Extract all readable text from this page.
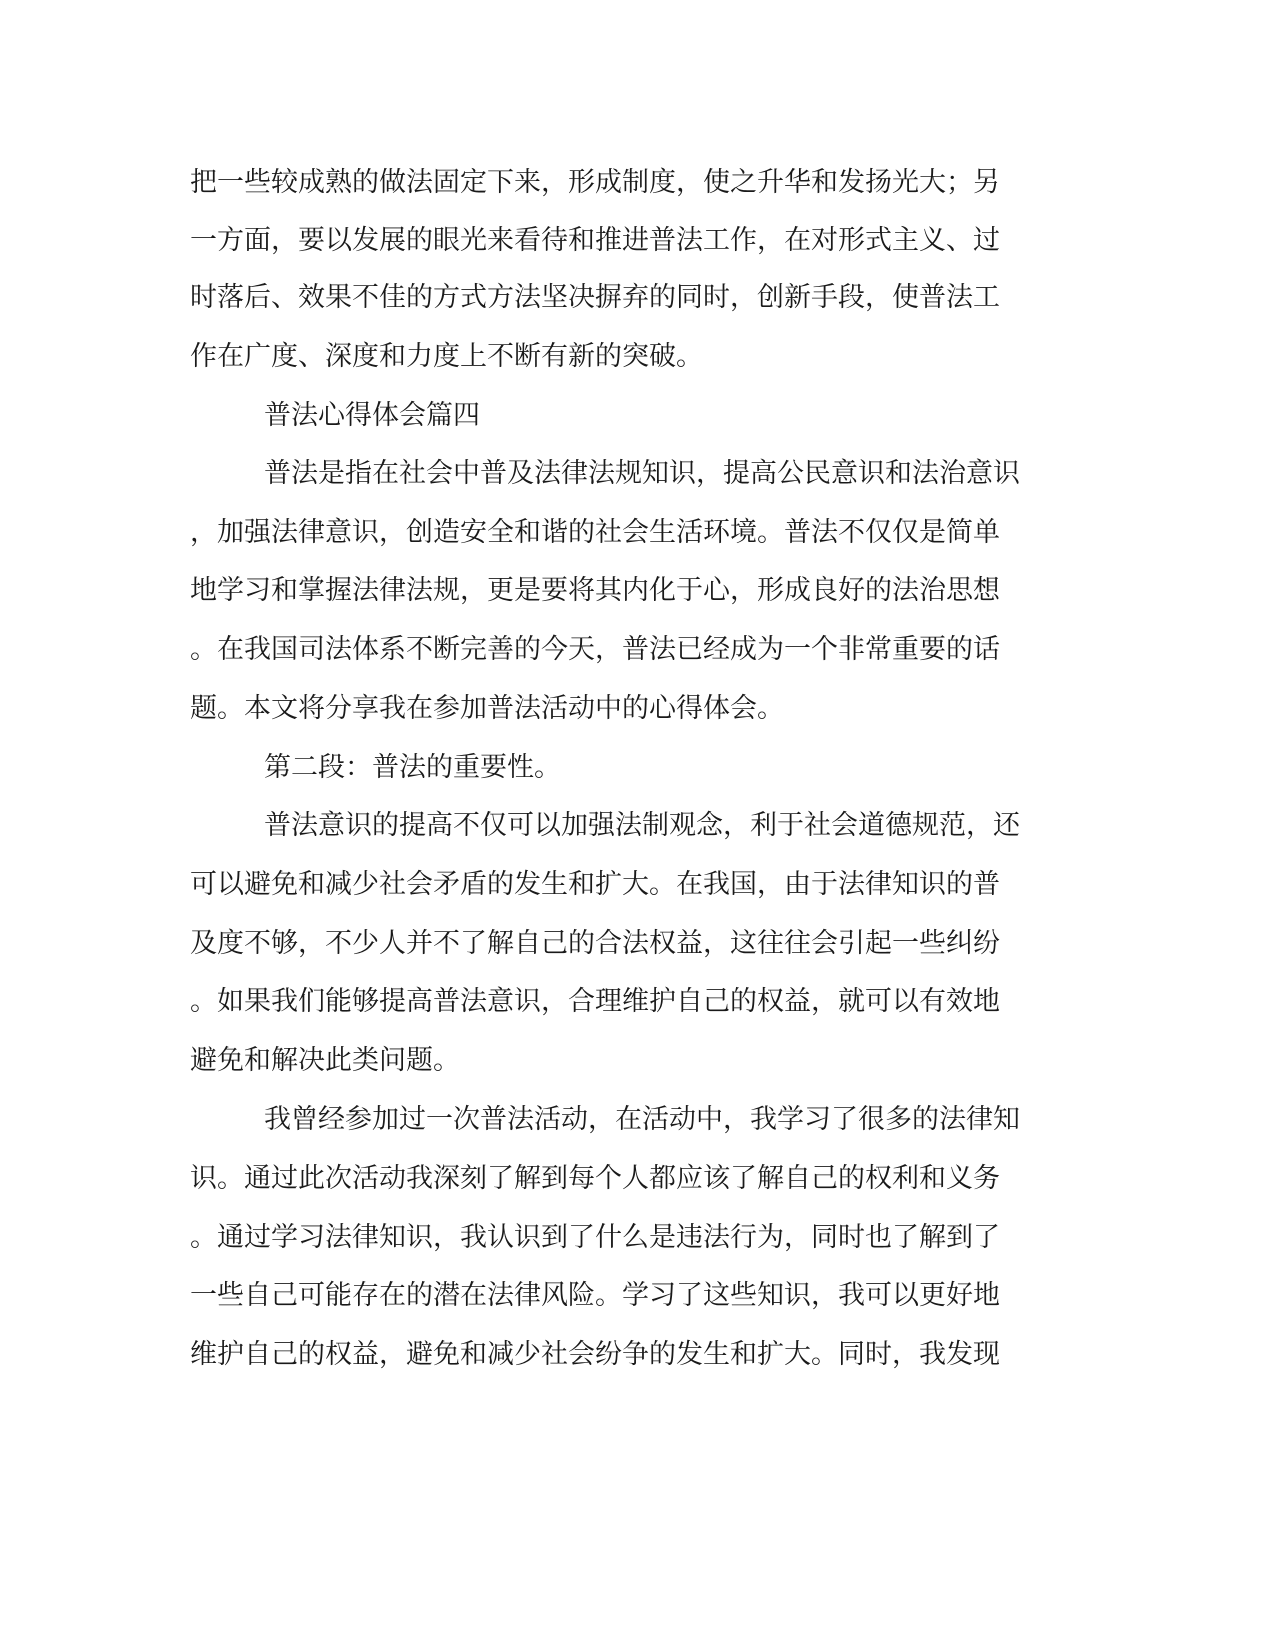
把一些较成熟的做法固定下来，形成制度，使之升华和发扬光大；另
一方面，要以发展的眼光来看待和推进普法工作，在对形式主义、过
时落后、效果不佳的方式方法坚决摒弃的同时，创新手段，使普法工
作在广度、深度和力度上不断有新的突破。
普法心得体会篇四
普法是指在社会中普及法律法规知识，提高公民意识和法治意识
，加强法律意识，创造安全和谐的社会生活环境。普法不仅仅是简单
地学习和掌握法律法规，更是要将其内化于心，形成良好的法治思想
。在我国司法体系不断完善的今天，普法已经成为一个非常重要的话
题。本文将分享我在参加普法活动中的心得体会。
第二段：普法的重要性。
普法意识的提高不仅可以加强法制观念，利于社会道德规范，还
可以避免和减少社会矛盾的发生和扩大。在我国，由于法律知识的普
及度不够，不少人并不了解自己的合法权益，这往往会引起一些纠纷
。如果我们能够提高普法意识，合理维护自己的权益，就可以有效地
避免和解决此类问题。
我曾经参加过一次普法活动，在活动中，我学习了很多的法律知
识。通过此次活动我深刻了解到每个人都应该了解自己的权利和义务
。通过学习法律知识，我认识到了什么是违法行为，同时也了解到了
一些自己可能存在的潜在法律风险。学习了这些知识，我可以更好地
维护自己的权益，避免和减少社会纷争的发生和扩大。同时，我发现
